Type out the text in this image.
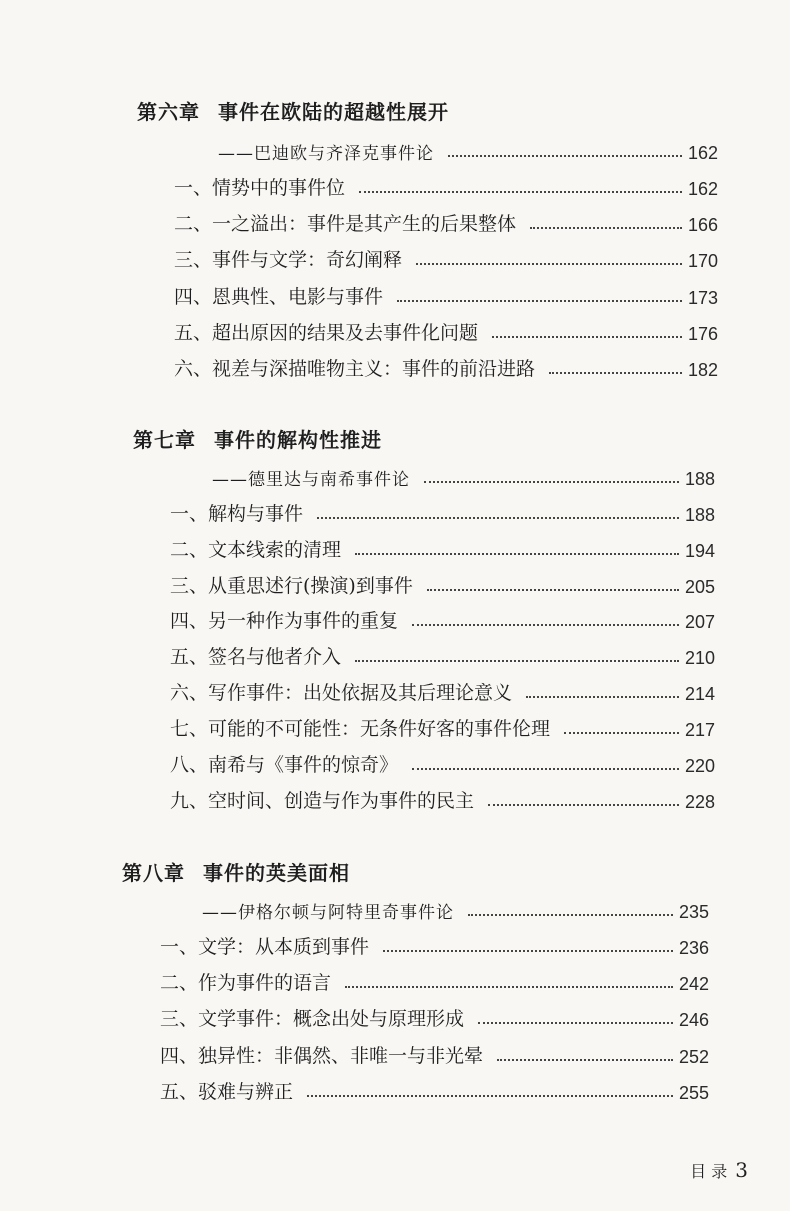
第六章 事件在欧陆的超越性展开
——巴迪欧与齐泽克事件论	162
一、情势中的事件位	162
二、一之溢出：事件是其产生的后果整体	166
三、事件与文学：奇幻阐释	170
四、恩典性、电影与事件	173
五、超出原因的结果及去事件化问题	176
六、视差与深描唯物主义：事件的前沿进路	182
第七章 事件的解构性推进
——德里达与南希事件论	188
一、解构与事件	188
二、文本线索的清理	194
三、从重思述行(操演)到事件	205
四、另一种作为事件的重复	207
五、签名与他者介入	210
六、写作事件：出处依据及其后理论意义	214
七、可能的不可能性：无条件好客的事件伦理	217
八、南希与《事件的惊奇》	220
九、空时间、创造与作为事件的民主	228
第八章 事件的英美面相
——伊格尔顿与阿特里奇事件论	235
一、文学：从本质到事件	236
二、作为事件的语言	242
三、文学事件：概念出处与原理形成	246
四、独异性：非偶然、非唯一与非光晕	252
五、驳难与辨正	255
目 录 3
